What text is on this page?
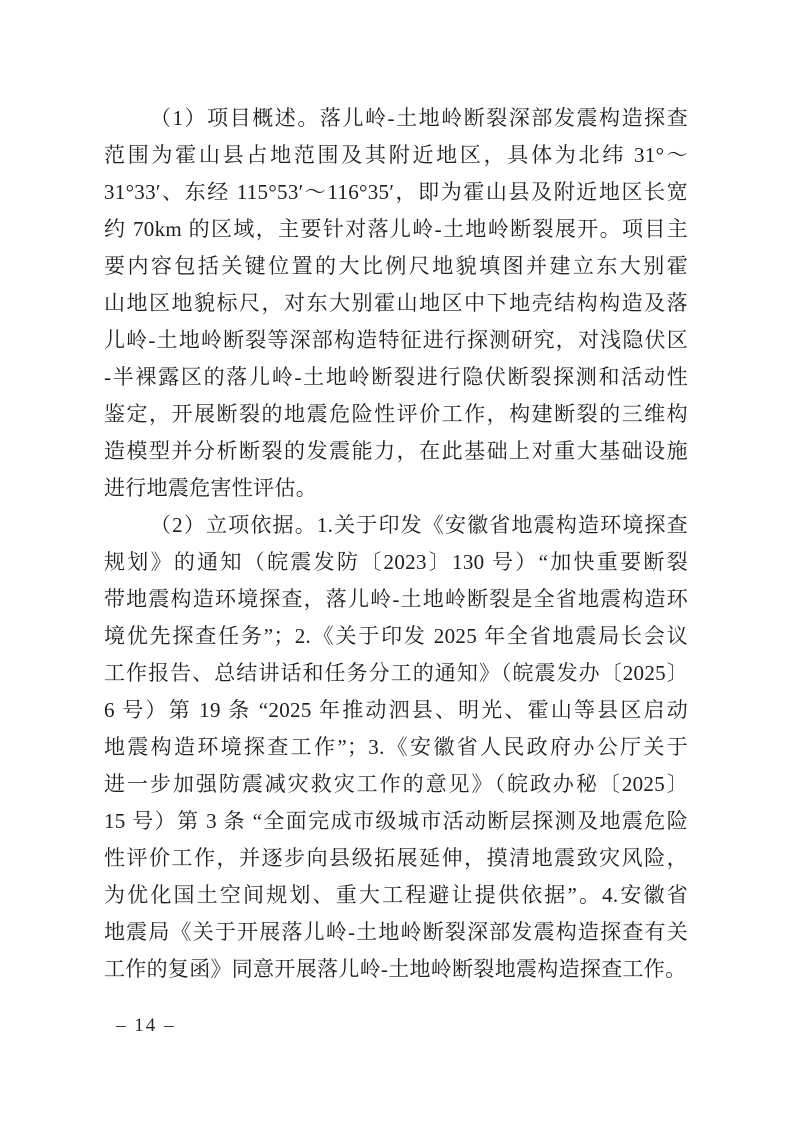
（1）项目概述。落儿岭-土地岭断裂深部发震构造探查
范围为霍山县占地范围及其附近地区，具体为北纬 31°～
31°33′、东经 115°53′～116°35′，即为霍山县及附近地区长宽
约 70km 的区域，主要针对落儿岭-土地岭断裂展开。项目主
要内容包括关键位置的大比例尺地貌填图并建立东大别霍
山地区地貌标尺，对东大别霍山地区中下地壳结构构造及落
儿岭-土地岭断裂等深部构造特征进行探测研究，对浅隐伏区
-半裸露区的落儿岭-土地岭断裂进行隐伏断裂探测和活动性
鉴定，开展断裂的地震危险性评价工作，构建断裂的三维构
造模型并分析断裂的发震能力，在此基础上对重大基础设施
进行地震危害性评估。
（2）立项依据。1.关于印发《安徽省地震构造环境探查
规划》的通知（皖震发防〔2023〕130 号）“加快重要断裂
带地震构造环境探查，落儿岭-土地岭断裂是全省地震构造环
境优先探查任务”；2.《关于印发 2025 年全省地震局长会议
工作报告、总结讲话和任务分工的通知》（皖震发办〔2025〕
6 号）第 19 条 “2025 年推动泗县、明光、霍山等县区启动
地震构造环境探查工作”；3.《安徽省人民政府办公厅关于
进一步加强防震减灾救灾工作的意见》（皖政办秘〔2025〕
15 号）第 3 条 “全面完成市级城市活动断层探测及地震危险
性评价工作，并逐步向县级拓展延伸，摸清地震致灾风险，
为优化国土空间规划、重大工程避让提供依据”。4.安徽省
地震局《关于开展落儿岭-土地岭断裂深部发震构造探查有关
工作的复函》同意开展落儿岭-土地岭断裂地震构造探查工作。
– 14 –
